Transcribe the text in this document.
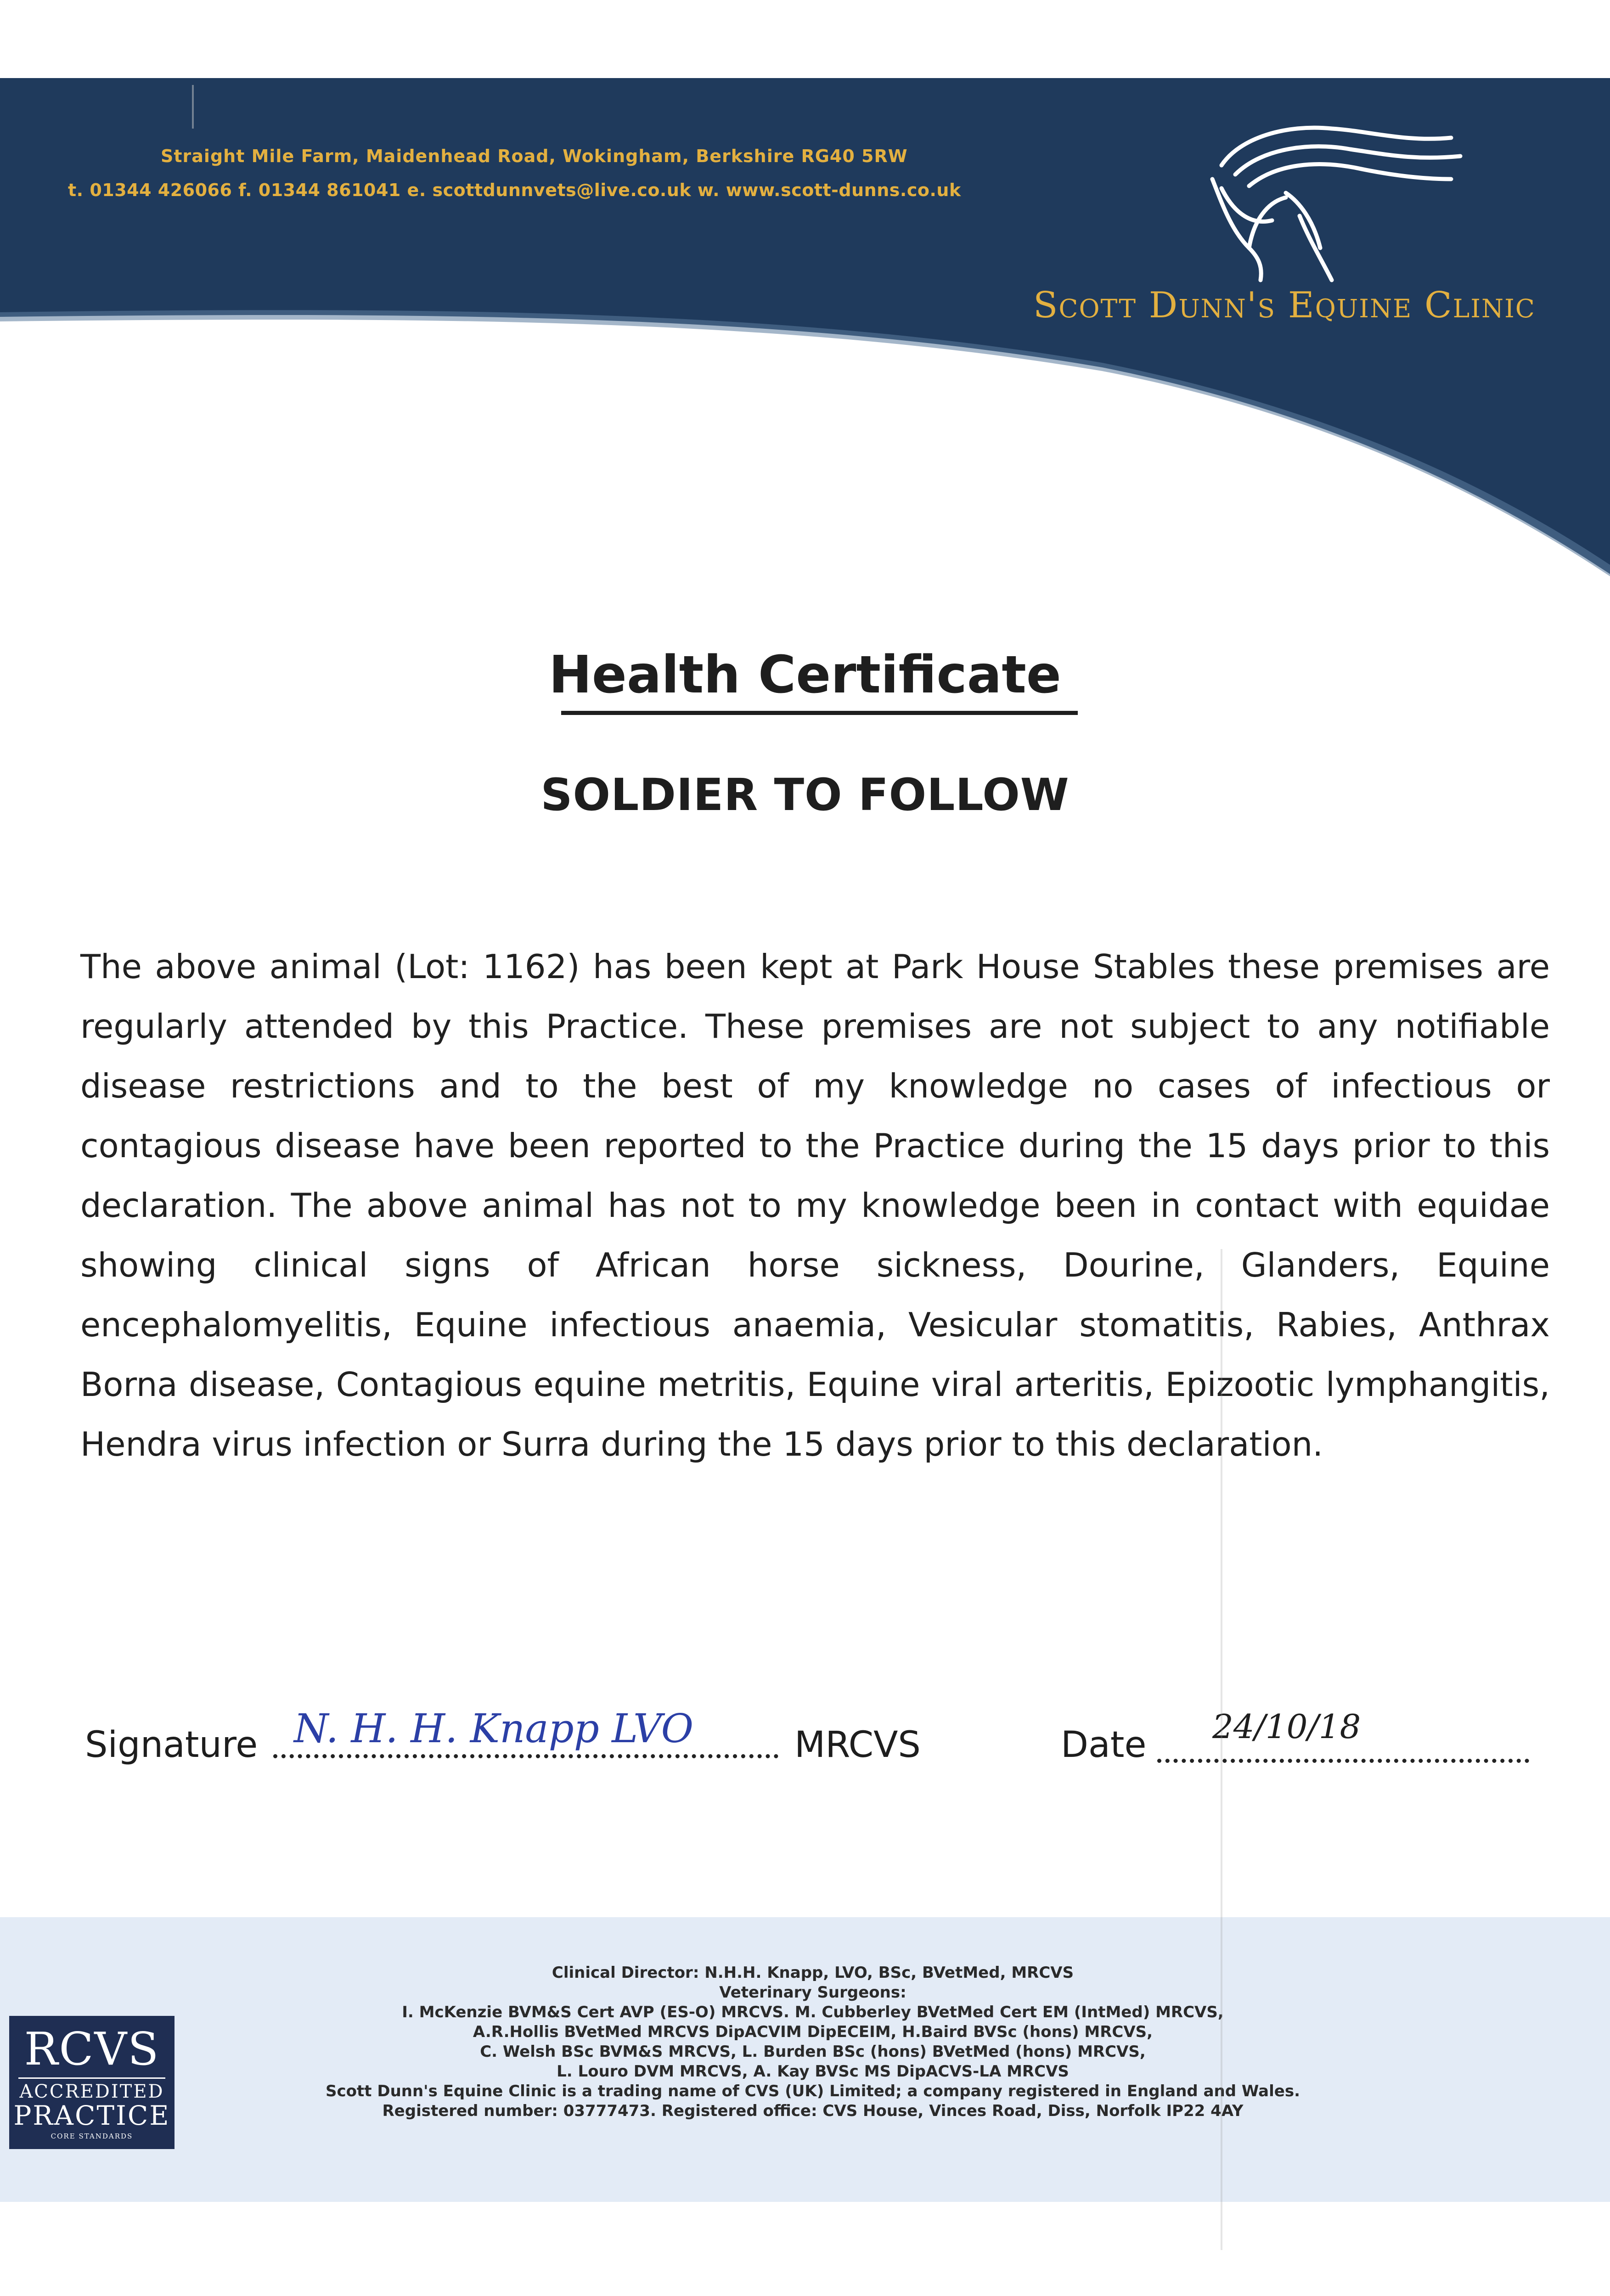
Straight Mile Farm, Maidenhead Road, Wokingham, Berkshire RG40 5RW
t. 01344 426066 f. 01344 861041 e. scottdunnvets@live.co.uk w. www.scott-dunns.co.uk
Scott Dunn's Equine Clinic
Health Certificate
SOLDIER TO FOLLOW
The above animal (Lot: 1162) has been kept at Park House Stables these premises are regularly attended by this Practice. These premises are not subject to any notifiable disease restrictions and to the best of my knowledge no cases of infectious or contagious disease have been reported to the Practice during the 15 days prior to this declaration. The above animal has not to my knowledge been in contact with equidae showing clinical signs of African horse sickness, Dourine, Glanders, Equine encephalomyelitis, Equine infectious anaemia, Vesicular stomatitis, Rabies, Anthrax Borna disease, Contagious equine metritis, Equine viral arteritis, Epizootic lymphangitis, Hendra virus infection or Surra during the 15 days prior to this declaration.
Signature N. H. H. Knapp LVO	MRCVS	Date 24/10/18
RCVS
ACCREDITED
PRACTICE
CORE STANDARDS
Clinical Director: N.H.H. Knapp, LVO, BSc, BVetMed, MRCVS
Veterinary Surgeons:
I. McKenzie BVM&S Cert AVP (ES-O) MRCVS. M. Cubberley BVetMed Cert EM (IntMed) MRCVS,
A.R.Hollis BVetMed MRCVS DipACVIM DipECEIM, H.Baird BVSc (hons) MRCVS,
C. Welsh BSc BVM&S MRCVS, L. Burden BSc (hons) BVetMed (hons) MRCVS,
L. Louro DVM MRCVS, A. Kay BVSc MS DipACVS-LA MRCVS
Scott Dunn's Equine Clinic is a trading name of CVS (UK) Limited; a company registered in England and Wales.
Registered number: 03777473. Registered office: CVS House, Vinces Road, Diss, Norfolk IP22 4AY
